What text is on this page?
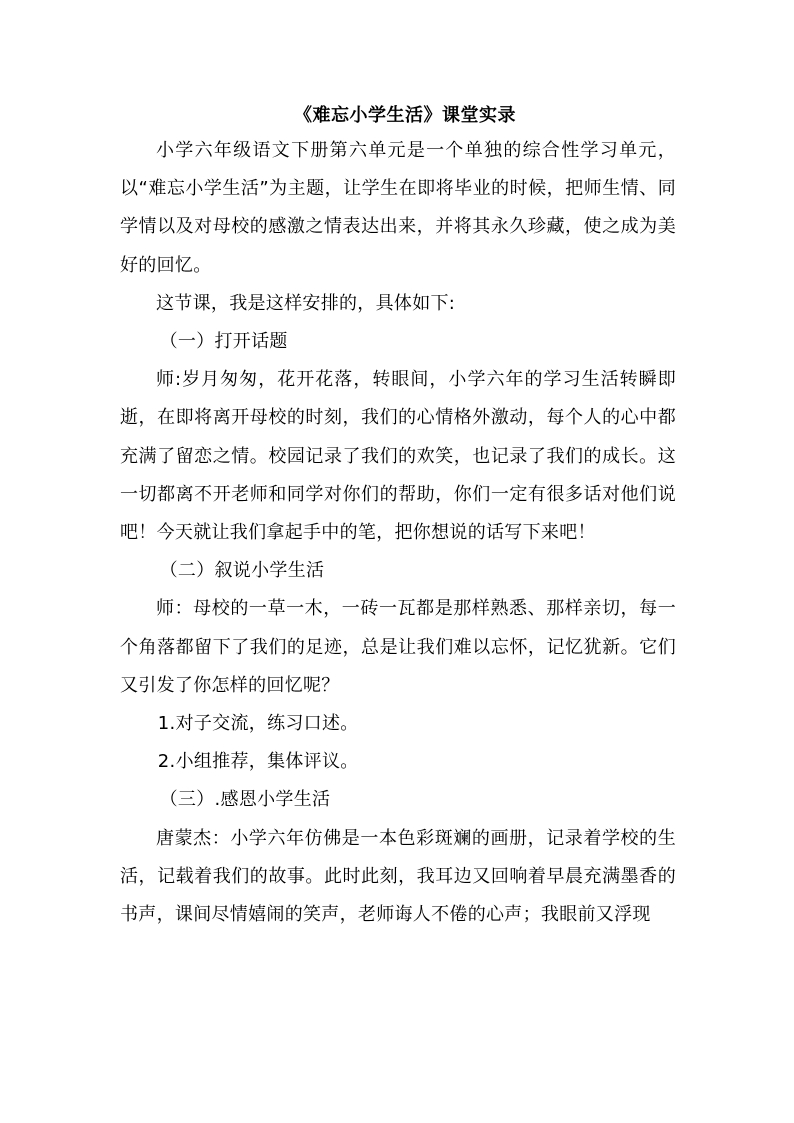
《难忘小学生活》课堂实录

小学六年级语文下册第六单元是一个单独的综合性学习单元，以“难忘小学生活”为主题，让学生在即将毕业的时候，把师生情、同学情以及对母校的感激之情表达出来，并将其永久珍藏，使之成为美好的回忆。

这节课，我是这样安排的，具体如下:

（一）打开话题

师:岁月匆匆，花开花落，转眼间，小学六年的学习生活转瞬即逝，在即将离开母校的时刻，我们的心情格外激动，每个人的心中都充满了留恋之情。校园记录了我们的欢笑，也记录了我们的成长。这一切都离不开老师和同学对你们的帮助，你们一定有很多话对他们说吧！今天就让我们拿起手中的笔，把你想说的话写下来吧！

（二）叙说小学生活

师：母校的一草一木，一砖一瓦都是那样熟悉、那样亲切，每一个角落都留下了我们的足迹，总是让我们难以忘怀，记忆犹新。它们又引发了你怎样的回忆呢？

1.对子交流，练习口述。

2.小组推荐，集体评议。

（三）.感恩小学生活

唐蒙杰：小学六年仿佛是一本色彩斑斓的画册，记录着学校的生活，记载着我们的故事。此时此刻，我耳边又回响着早晨充满墨香的书声，课间尽情嬉闹的笑声，老师诲人不倦的心声；我眼前又浮现
